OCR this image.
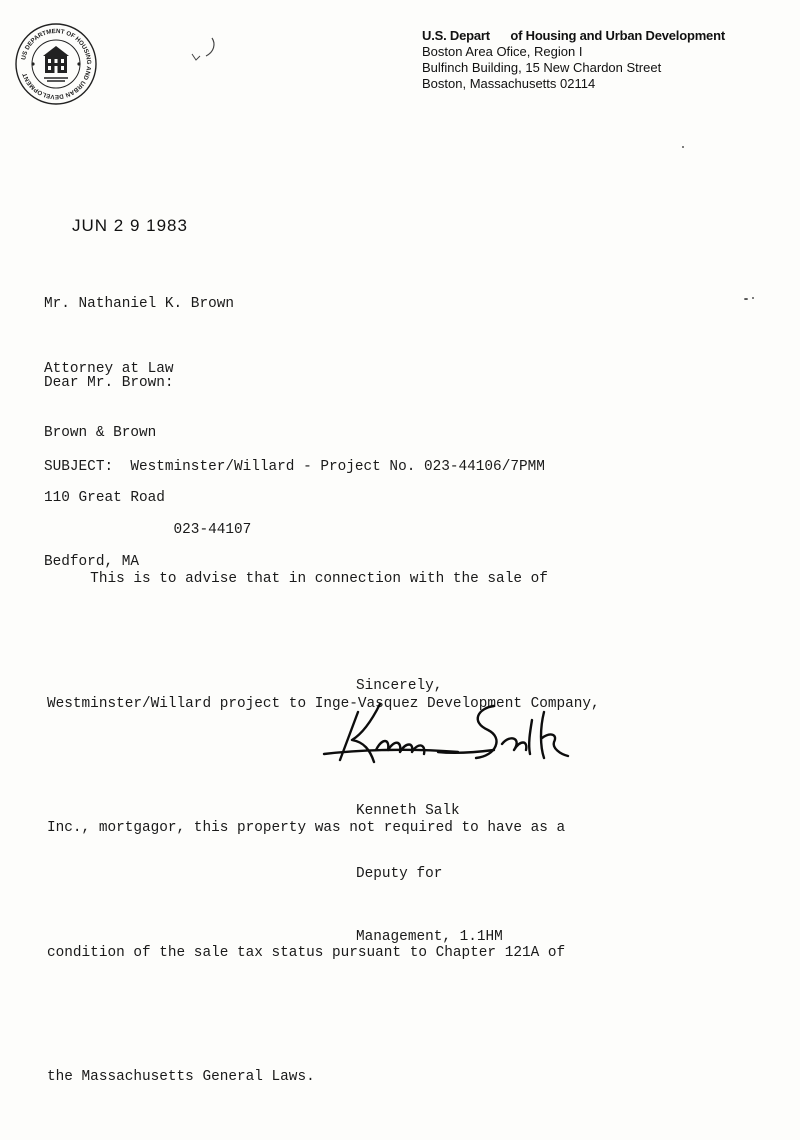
US DEPARTMENT OF HOUSING AND URBAN DEVELOPMENT
U.S. Depart      of Housing and Urban Development
Boston Area Ofice, Region I
Bulfinch Building, 15 New Chardon Street
Boston, Massachusetts 02114
JUN 2 9 1983

Mr. Nathaniel K. Brown

Attorney at Law

Brown & Brown

110 Great Road

Bedford, MA

Dear Mr. Brown:

SUBJECT:  Westminster/Willard - Project No. 023-44106/7PMM

023-44107

This is to advise that in connection with the sale of

Westminster/Willard project to Inge-Vasquez Development Company,

Inc., mortgagor, this property was not required to have as a

condition of the sale tax status pursuant to Chapter 121A of

the Massachusetts General Laws.

Sincerely,

Kenneth Salk

Deputy for

Management, 1.1HM
